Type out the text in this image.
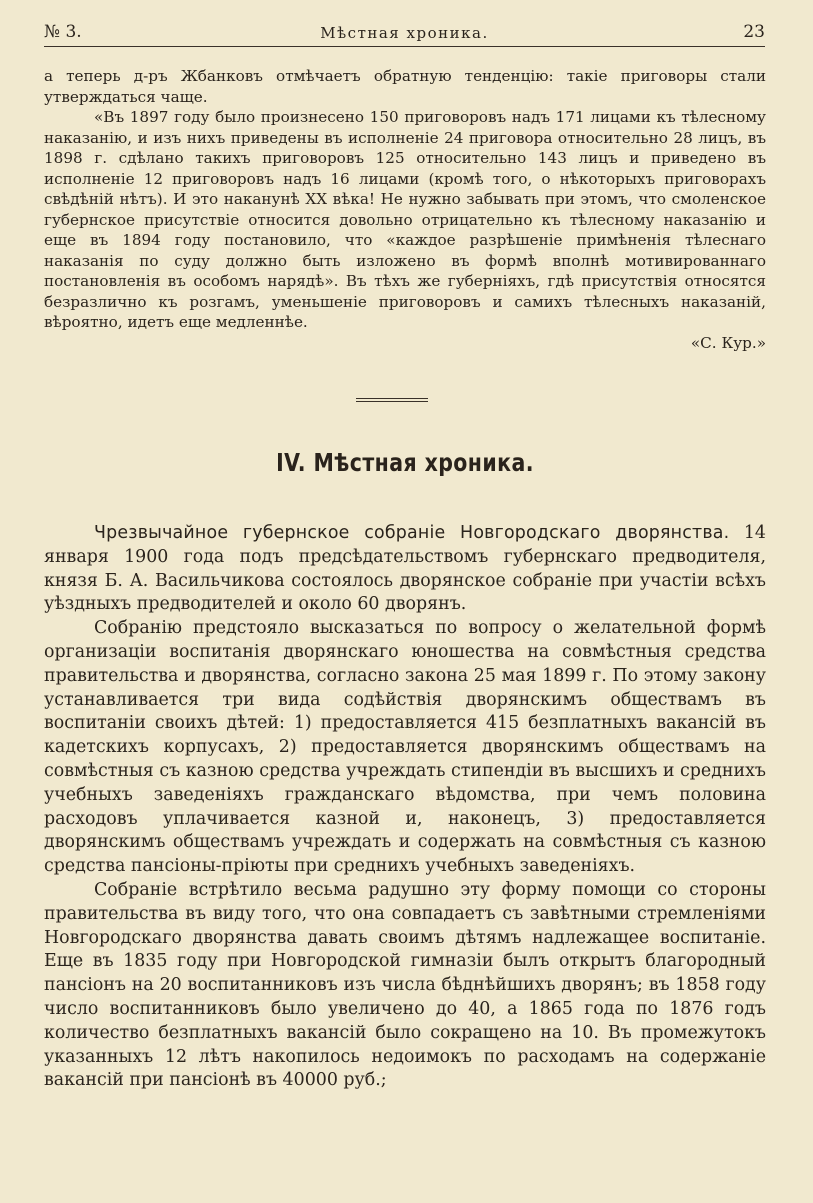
№ 3.	Мѣстная хроника.	23

а теперь д-ръ Жбанковъ отмѣчаетъ обратную тенденцію: такіе приговоры стали утверждаться чаще.

«Въ 1897 году было произнесено 150 приговоровъ надъ 171 лицами къ тѣлесному наказанію, и изъ нихъ приведены въ исполненіе 24 приговора относительно 28 лицъ, въ 1898 г. сдѣлано такихъ приговоровъ 125 относительно 143 лицъ и приведено въ исполненіе 12 приговоровъ надъ 16 лицами (кромѣ того, о нѣкоторыхъ приговорахъ свѣдѣній нѣтъ). И это наканунѣ XX вѣка! Не нужно забывать при этомъ, что смоленское губернское присутствіе относится довольно отрицательно къ тѣлесному наказанію и еще въ 1894 году постановило, что «каждое разрѣшеніе примѣненія тѣлеснаго наказанія по суду должно быть изложено въ формѣ вполнѣ мотивированнаго постановленія въ особомъ нарядѣ». Въ тѣхъ же губерніяхъ, гдѣ присутствія относятся безразлично къ розгамъ, уменьшеніе приговоровъ и самихъ тѣлесныхъ наказаній, вѣроятно, идетъ еще медленнѣе.

«С. Кур.»

IV. Мѣстная хроника.

Чрезвычайное губернское собраніе Новгородскаго дворянства. 14 января 1900 года подъ предсѣдательствомъ губернскаго предводителя, князя Б. А. Васильчикова состоялось дворянское собраніе при участіи всѣхъ уѣздныхъ предводителей и около 60 дворянъ.

Собранію предстояло высказаться по вопросу о желательной формѣ организаціи воспитанія дворянскаго юношества на совмѣстныя средства правительства и дворянства, согласно закона 25 мая 1899 г. По этому закону устанавливается три вида содѣйствія дворянскимъ обществамъ въ воспитаніи своихъ дѣтей: 1) предоставляется 415 безплатныхъ вакансій въ кадетскихъ корпусахъ, 2) предоставляется дворянскимъ обществамъ на совмѣстныя съ казною средства учреждать стипендіи въ высшихъ и среднихъ учебныхъ заведеніяхъ гражданскаго вѣдомства, при чемъ половина расходовъ уплачивается казной и, наконецъ, 3) предоставляется дворянскимъ обществамъ учреждать и содержать на совмѣстныя съ казною средства пансіоны-пріюты при среднихъ учебныхъ заведеніяхъ.

Собраніе встрѣтило весьма радушно эту форму помощи со стороны правительства въ виду того, что она совпадаетъ съ завѣтными стремленіями Новгородскаго дворянства давать своимъ дѣтямъ надлежащее воспитаніе. Еще въ 1835 году при Новгородской гимназіи былъ открытъ благородный пансіонъ на 20 воспитанниковъ изъ числа бѣднѣйшихъ дворянъ; въ 1858 году число воспитанниковъ было увеличено до 40, а 1865 года по 1876 годъ количество безплатныхъ вакансій было сокращено на 10. Въ промежутокъ указанныхъ 12 лѣтъ накопилось недоимокъ по расходамъ на содержаніе вакансій при пансіонѣ въ 40000 руб.;
